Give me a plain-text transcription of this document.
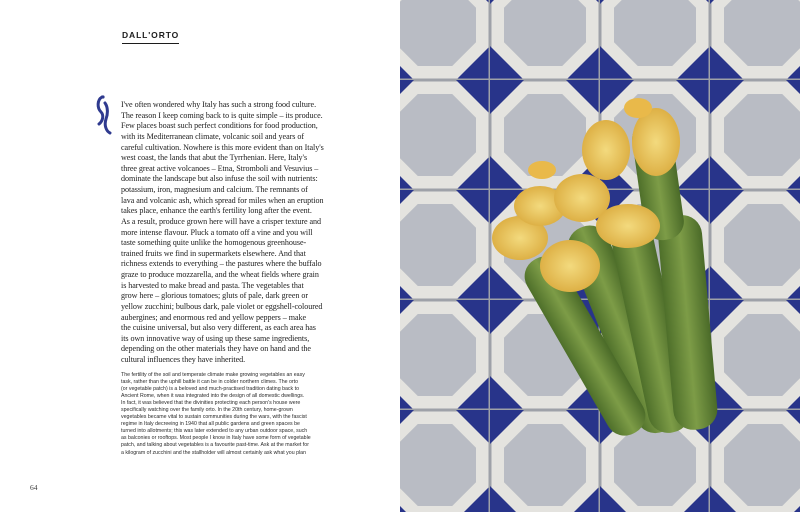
DALL'ORTO

I've often wondered why Italy has such a strong food culture.
The reason I keep coming back to is quite simple – its produce.
Few places boast such perfect conditions for food production,
with its Mediterranean climate, volcanic soil and years of
careful cultivation. Nowhere is this more evident than on Italy's
west coast, the lands that abut the Tyrrhenian. Here, Italy's
three great active volcanoes – Etna, Stromboli and Vesuvius –
dominate the landscape but also infuse the soil with nutrients:
potassium, iron, magnesium and calcium. The remnants of
lava and volcanic ash, which spread for miles when an eruption
takes place, enhance the earth's fertility long after the event.
As a result, produce grown here will have a crisper texture and
more intense flavour. Pluck a tomato off a vine and you will
taste something quite unlike the homogenous greenhouse-
trained fruits we find in supermarkets elsewhere. And that
richness extends to everything – the pastures where the buffalo
graze to produce mozzarella, and the wheat fields where grain
is harvested to make bread and pasta. The vegetables that
grow here – glorious tomatoes; gluts of pale, dark green or
yellow zucchini; bulbous dark, pale violet or eggshell-coloured
aubergines; and enormous red and yellow peppers – make
the cuisine universal, but also very different, as each area has
its own innovative way of using up these same ingredients,
depending on the other materials they have on hand and the
cultural influences they have inherited.

The fertility of the soil and temperate climate make growing vegetables an easy
task, rather than the uphill battle it can be in colder northern climes. The orto
(or vegetable patch) is a beloved and much-practised tradition dating back to
Ancient Rome, when it was integrated into the design of all domestic dwellings.
In fact, it was believed that the divinities protecting each person's house were
specifically watching over the family orto. In the 20th century, home-grown
vegetables became vital to sustain communities during the wars, with the fascist
regime in Italy decreeing in 1940 that all public gardens and green spaces be
turned into allotments; this was later extended to any urban outdoor space, such
as balconies or rooftops. Most people I know in Italy have some form of vegetable
patch, and talking about vegetables is a favourite past-time. Ask at the market for
a kilogram of zucchini and the stallholder will almost certainly ask what you plan

64
